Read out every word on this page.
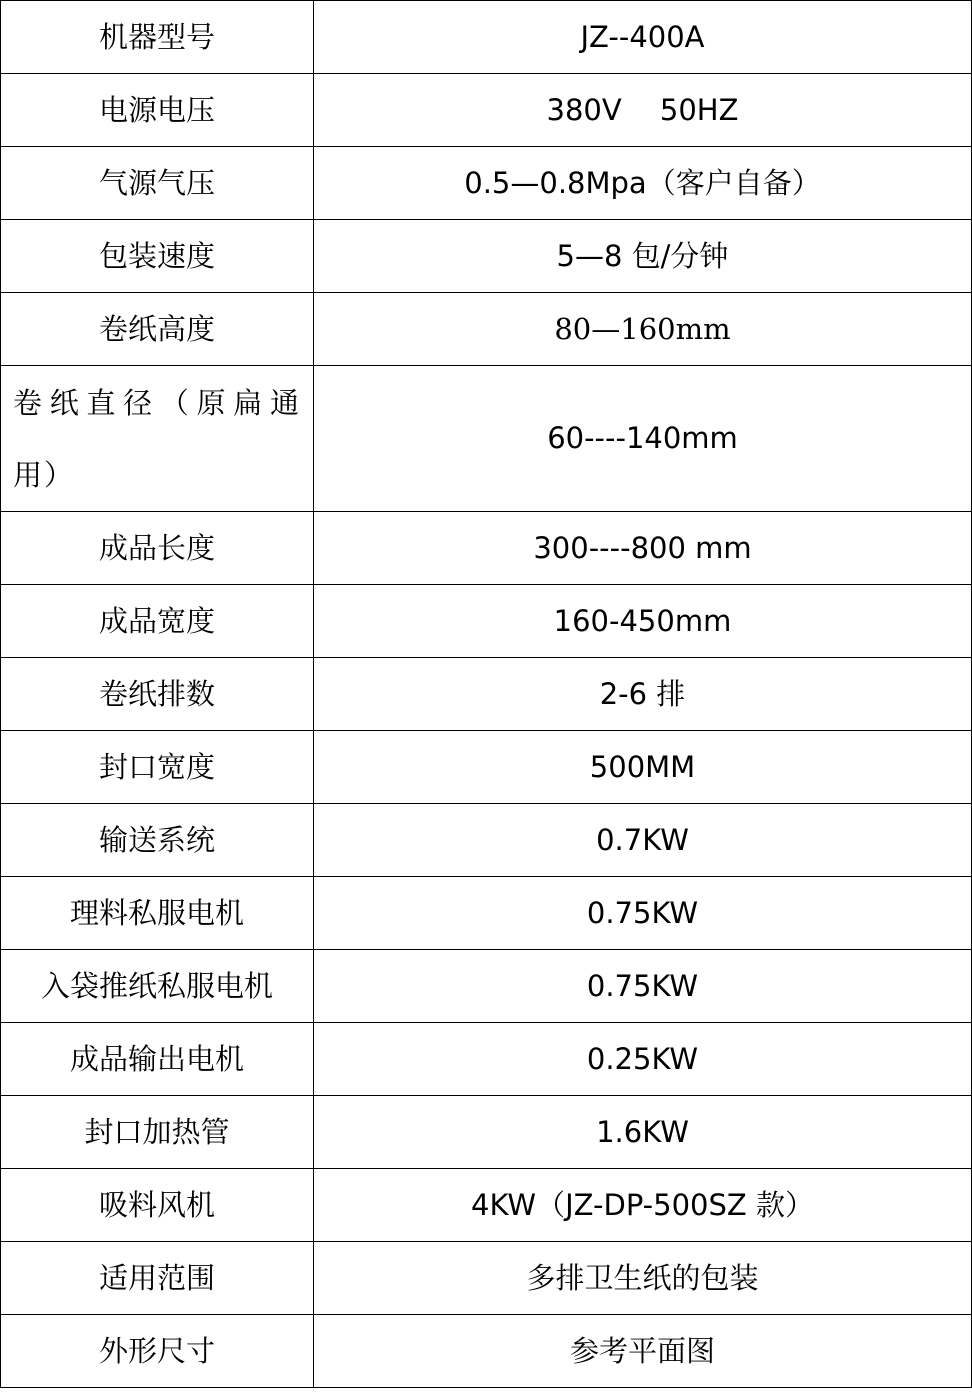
机器型号	JZ--400A
电源电压	380V　 50HZ
气源气压	0.5—0.8Mpa（客户自备）
包装速度	5—8 包/分钟
卷纸高度	80—160mm
卷纸直径（原扁通用）	60----140mm
成品长度	300----800 mm
成品宽度	160-450mm
卷纸排数	2-6 排
封口宽度	500MM
输送系统	0.7KW
理料私服电机	0.75KW
入袋推纸私服电机	0.75KW
成品输出电机	0.25KW
封口加热管	1.6KW
吸料风机	4KW（JZ-DP-500SZ 款）
适用范围	多排卫生纸的包装
外形尺寸	参考平面图
